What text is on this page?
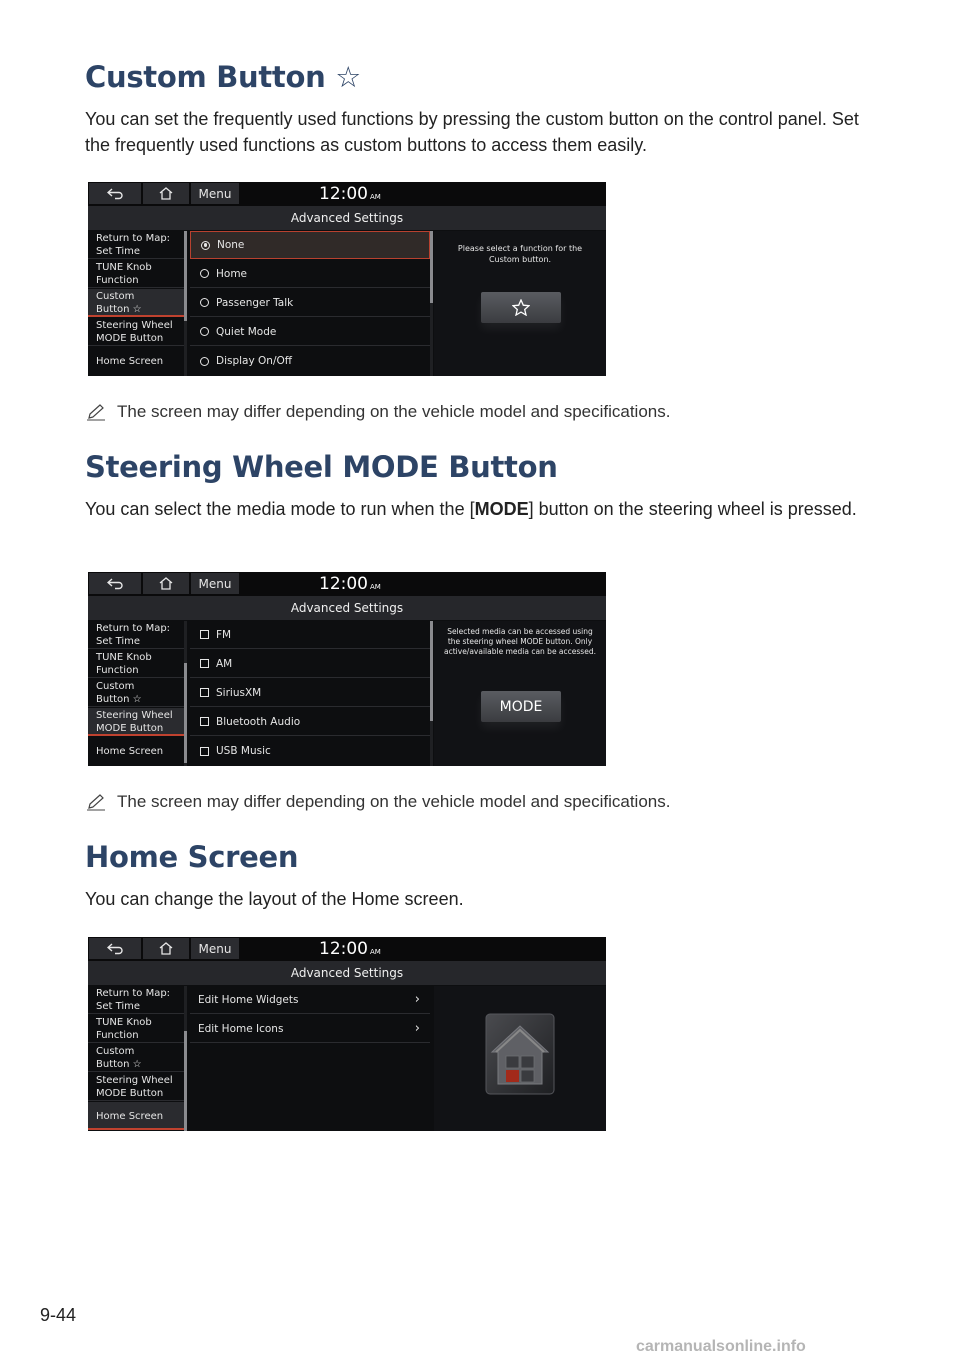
Custom Button ☆

You can set the frequently used functions by pressing the custom button on the control panel. Set the frequently used functions as custom buttons to access them easily.

Menu	12:00 AM
Advanced Settings
Return to Map:
Set Time
TUNE Knob
Function
Custom
Button ☆
Steering Wheel
MODE Button
Home Screen
None
Home
Passenger Talk
Quiet Mode
Display On/Off
Please select a function for the
Custom button.
The screen may differ depending on the vehicle model and specifications.
Steering Wheel MODE Button

You can select the media mode to run when the [MODE] button on the steering wheel is pressed.

Menu	12:00 AM
Advanced Settings
Return to Map:
Set Time
TUNE Knob
Function
Custom
Button ☆
Steering Wheel
MODE Button
Home Screen
FM
AM
SiriusXM
Bluetooth Audio
USB Music
Selected media can be accessed using
the steering wheel MODE button. Only
active/available media can be accessed.
MODE
The screen may differ depending on the vehicle model and specifications.
Home Screen

You can change the layout of the Home screen.

Menu	12:00 AM
Advanced Settings
Return to Map:
Set Time
TUNE Knob
Function
Custom
Button ☆
Steering Wheel
MODE Button
Home Screen
Edit Home Widgets	›
Edit Home Icons	›
9-44
carmanualsonline.info
